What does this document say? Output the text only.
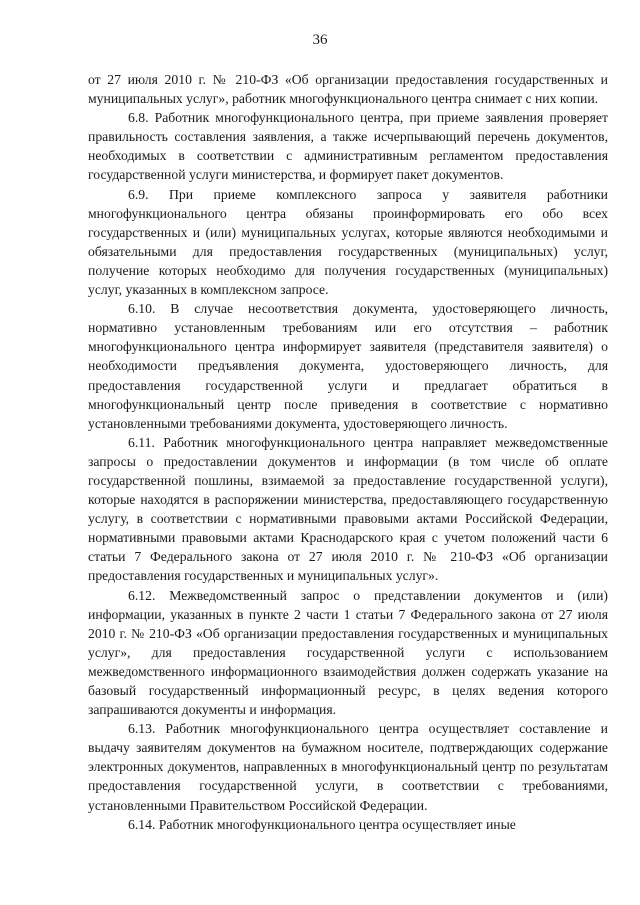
36

от 27 июля 2010 г. № 210-ФЗ «Об организации предоставления государственных и муниципальных услуг», работник многофункционального центра снимает с них копии.

6.8. Работник многофункционального центра, при приеме заявления проверяет правильность составления заявления, а также исчерпывающий перечень документов, необходимых в соответствии с административным регламентом предоставления государственной услуги министерства, и формирует пакет документов.

6.9. При приеме комплексного запроса у заявителя работники многофункционального центра обязаны проинформировать его обо всех государственных и (или) муниципальных услугах, которые являются необходимыми и обязательными для предоставления государственных (муниципальных) услуг, получение которых необходимо для получения государственных (муниципальных) услуг, указанных в комплексном запросе.

6.10. В случае несоответствия документа, удостоверяющего личность, нормативно установленным требованиям или его отсутствия – работник многофункционального центра информирует заявителя (представителя заявителя) о необходимости предъявления документа, удостоверяющего личность, для предоставления государственной услуги и предлагает обратиться в многофункциональный центр после приведения в соответствие с нормативно установленными требованиями документа, удостоверяющего личность.

6.11. Работник многофункционального центра направляет межведомственные запросы о предоставлении документов и информации (в том числе об оплате государственной пошлины, взимаемой за предоставление государственной услуги), которые находятся в распоряжении министерства, предоставляющего государственную услугу, в соответствии с нормативными правовыми актами Российской Федерации, нормативными правовыми актами Краснодарского края с учетом положений части 6 статьи 7 Федерального закона от 27 июля 2010 г. № 210-ФЗ «Об организации предоставления государственных и муниципальных услуг».

6.12. Межведомственный запрос о представлении документов и (или) информации, указанных в пункте 2 части 1 статьи 7 Федерального закона от 27 июля 2010 г. № 210-ФЗ «Об организации предоставления государственных и муниципальных услуг», для предоставления государственной услуги с использованием межведомственного информационного взаимодействия должен содержать указание на базовый государственный информационный ресурс, в целях ведения которого запрашиваются документы и информация.

6.13. Работник многофункционального центра осуществляет составление и выдачу заявителям документов на бумажном носителе, подтверждающих содержание электронных документов, направленных в многофункциональный центр по результатам предоставления государственной услуги, в соответствии с требованиями, установленными Правительством Российской Федерации.

6.14. Работник многофункционального центра осуществляет иные
